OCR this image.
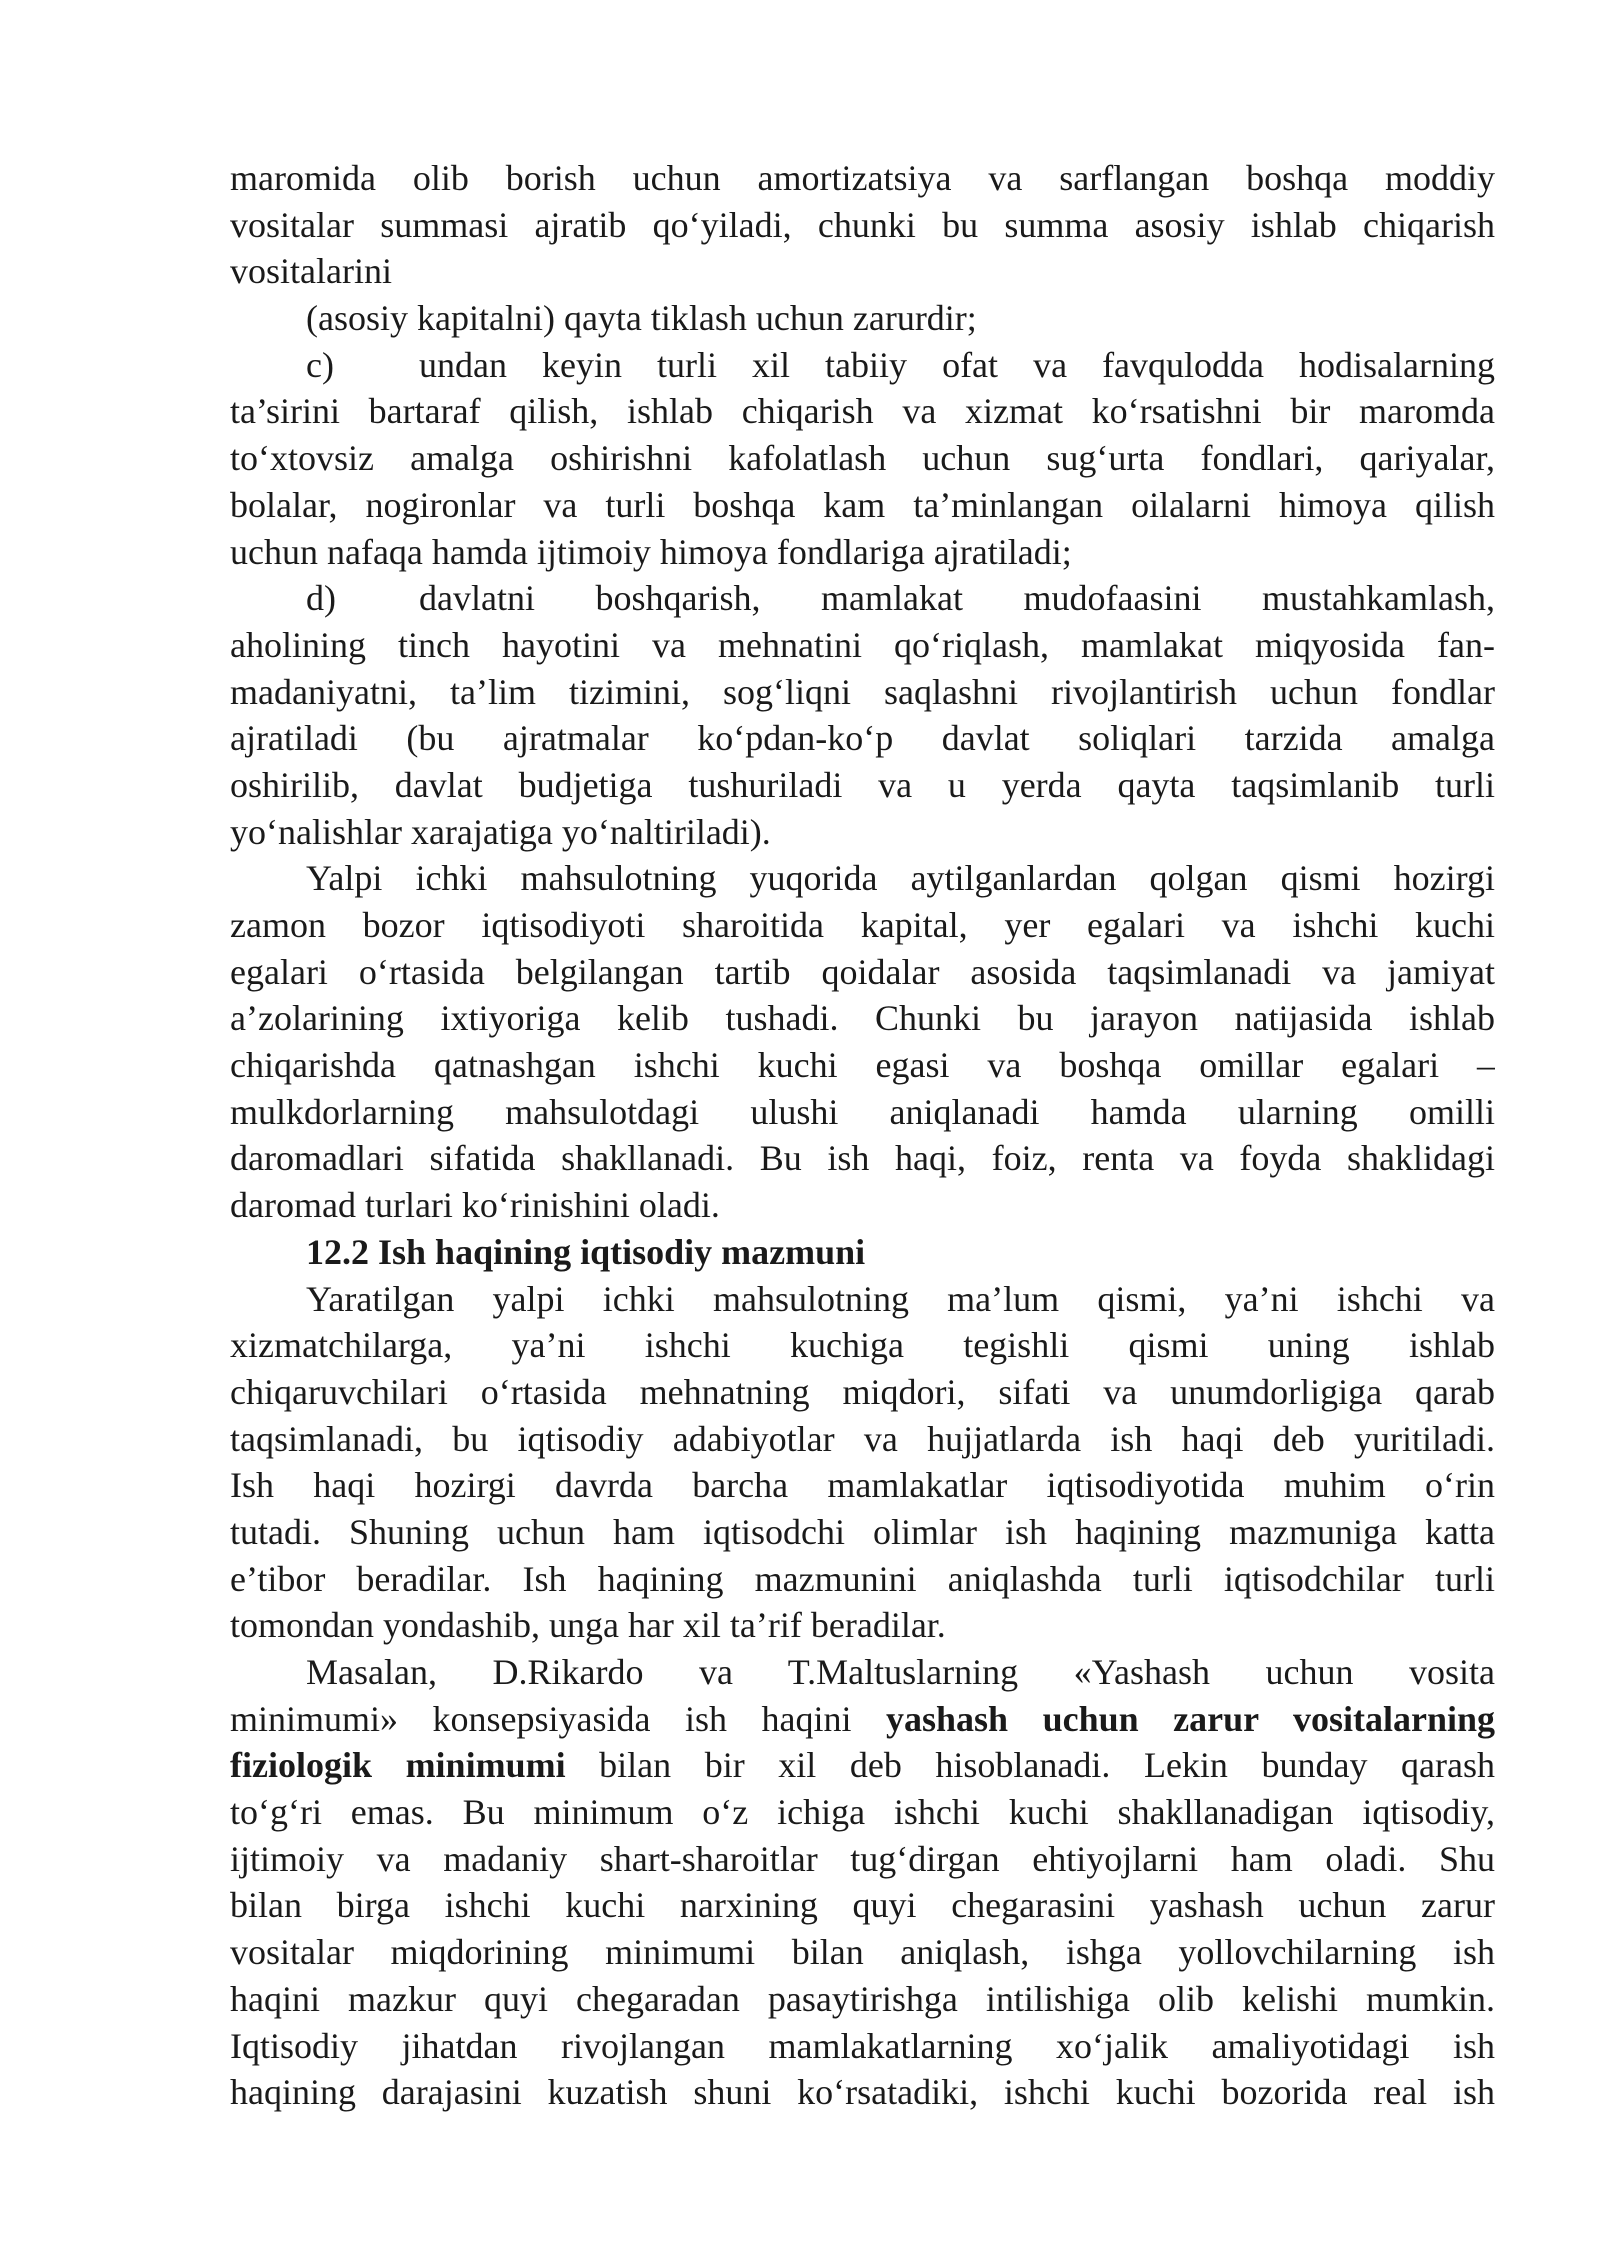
maromida olib borish uchun amortizatsiya va sarflangan boshqa moddiy
vositalar summasi ajratib qo‘yiladi, chunki bu summa asosiy ishlab chiqarish
vositalarini
(asosiy kapitalni) qayta tiklash uchun zarurdir;
c) undan keyin turli xil tabiiy ofat va favqulodda hodisalarning
ta’sirini bartaraf qilish, ishlab chiqarish va xizmat ko‘rsatishni bir maromda
to‘xtovsiz amalga oshirishni kafolatlash uchun sug‘urta fondlari, qariyalar,
bolalar, nogironlar va turli boshqa kam ta’minlangan oilalarni himoya qilish
uchun nafaqa hamda ijtimoiy himoya fondlariga ajratiladi;
d) davlatni boshqarish, mamlakat mudofaasini mustahkamlash,
aholining tinch hayotini va mehnatini qo‘riqlash, mamlakat miqyosida fan-
madaniyatni, ta’lim tizimini, sog‘liqni saqlashni rivojlantirish uchun fondlar
ajratiladi (bu ajratmalar ko‘pdan-ko‘p davlat soliqlari tarzida amalga
oshirilib, davlat budjetiga tushuriladi va u yerda qayta taqsimlanib turli
yo‘nalishlar xarajatiga yo‘naltiriladi).
Yalpi ichki mahsulotning yuqorida aytilganlardan qolgan qismi hozirgi
zamon bozor iqtisodiyoti sharoitida kapital, yer egalari va ishchi kuchi
egalari o‘rtasida belgilangan tartib qoidalar asosida taqsimlanadi va jamiyat
a’zolarining ixtiyoriga kelib tushadi. Chunki bu jarayon natijasida ishlab
chiqarishda qatnashgan ishchi kuchi egasi va boshqa omillar egalari –
mulkdorlarning mahsulotdagi ulushi aniqlanadi hamda ularning omilli
daromadlari sifatida shakllanadi. Bu ish haqi, foiz, renta va foyda shaklidagi
daromad turlari ko‘rinishini oladi.
12.2 Ish haqining iqtisodiy mazmuni
Yaratilgan yalpi ichki mahsulotning ma’lum qismi, ya’ni ishchi va
xizmatchilarga, ya’ni ishchi kuchiga tegishli qismi uning ishlab
chiqaruvchilari o‘rtasida mehnatning miqdori, sifati va unumdorligiga qarab
taqsimlanadi, bu iqtisodiy adabiyotlar va hujjatlarda ish haqi deb yuritiladi.
Ish haqi hozirgi davrda barcha mamlakatlar iqtisodiyotida muhim o‘rin
tutadi. Shuning uchun ham iqtisodchi olimlar ish haqining mazmuniga katta
e’tibor beradilar. Ish haqining mazmunini aniqlashda turli iqtisodchilar turli
tomondan yondashib, unga har xil ta’rif beradilar.
Masalan, D.Rikardo va T.Maltuslarning «Yashash uchun vosita
minimumi» konsepsiyasida ish haqini yashash uchun zarur vositalarning
fiziologik minimumi bilan bir xil deb hisoblanadi. Lekin bunday qarash
to‘g‘ri emas. Bu minimum o‘z ichiga ishchi kuchi shakllanadigan iqtisodiy,
ijtimoiy va madaniy shart-sharoitlar tug‘dirgan ehtiyojlarni ham oladi. Shu
bilan birga ishchi kuchi narxining quyi chegarasini yashash uchun zarur
vositalar miqdorining minimumi bilan aniqlash, ishga yollovchilarning ish
haqini mazkur quyi chegaradan pasaytirishga intilishiga olib kelishi mumkin.
Iqtisodiy jihatdan rivojlangan mamlakatlarning xo‘jalik amaliyotidagi ish
haqining darajasini kuzatish shuni ko‘rsatadiki, ishchi kuchi bozorida real ish
